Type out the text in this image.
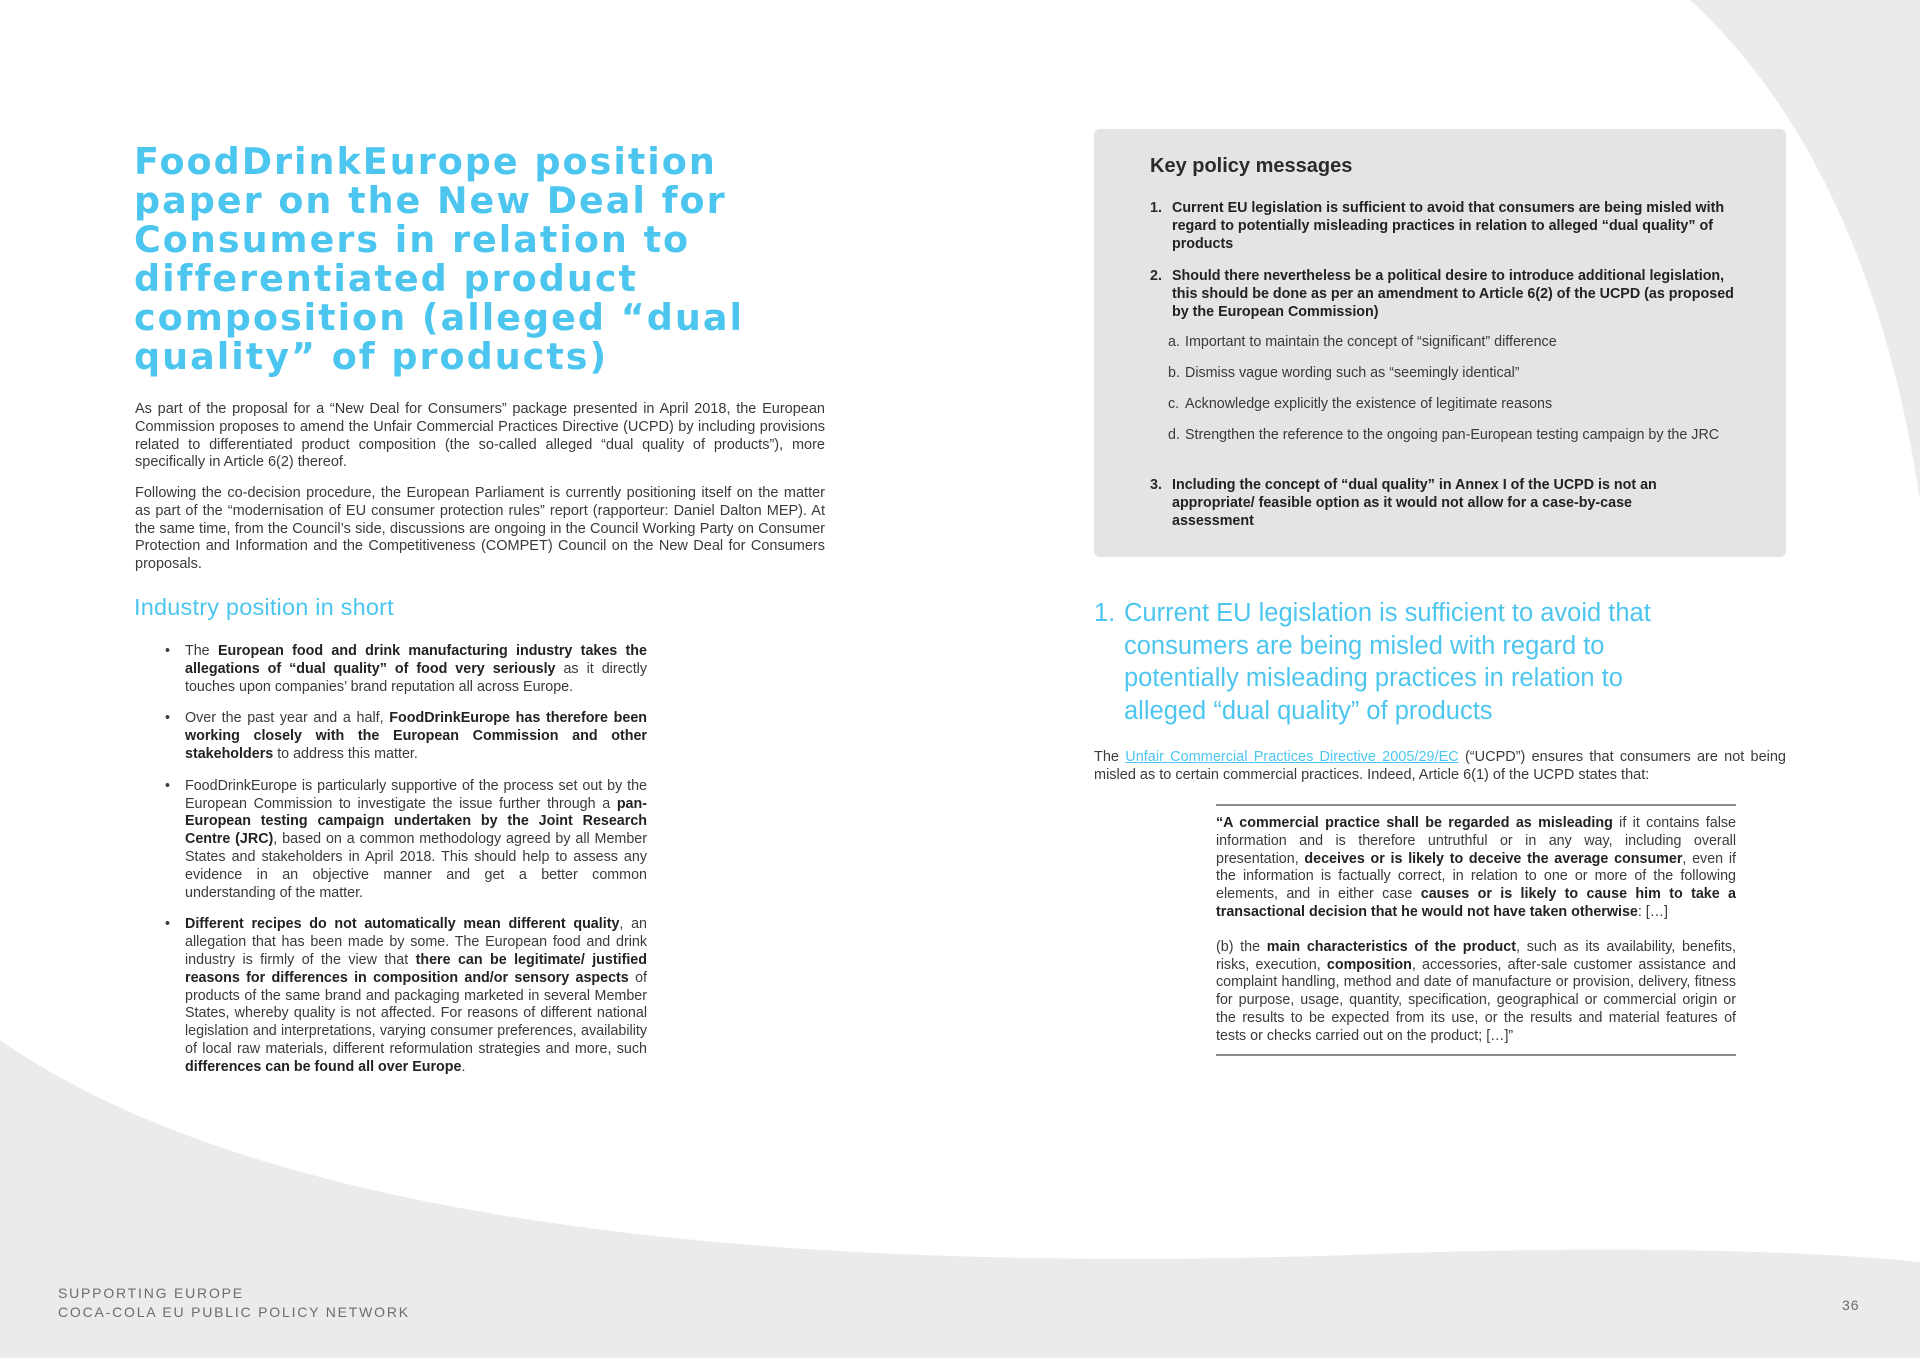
FoodDrinkEurope position paper on the New Deal for Consumers in relation to differentiated product composition (alleged “dual quality” of products)

As part of the proposal for a “New Deal for Consumers” package presented in April 2018, the European Commission proposes to amend the Unfair Commercial Practices Directive (UCPD) by including provisions related to differentiated product composition (the so-called alleged “dual quality of products”), more specifically in Article 6(2) thereof.

Following the co-decision procedure, the European Parliament is currently positioning itself on the matter as part of the “modernisation of EU consumer protection rules” report (rapporteur: Daniel Dalton MEP). At the same time, from the Council’s side, discussions are ongoing in the Council Working Party on Consumer Protection and Information and the Competitiveness (COMPET) Council on the New Deal for Consumers proposals.

Industry position in short
• The European food and drink manufacturing industry takes the allegations of “dual quality” of food very seriously as it directly touches upon companies’ brand reputation all across Europe.
• Over the past year and a half, FoodDrinkEurope has therefore been working closely with the European Commission and other stakeholders to address this matter.
• FoodDrinkEurope is particularly supportive of the process set out by the European Commission to investigate the issue further through a pan-European testing campaign undertaken by the Joint Research Centre (JRC), based on a common methodology agreed by all Member States and stakeholders in April 2018. This should help to assess any evidence in an objective manner and get a better common understanding of the matter.
• Different recipes do not automatically mean different quality, an allegation that has been made by some. The European food and drink industry is firmly of the view that there can be legitimate/ justified reasons for differences in composition and/or sensory aspects of products of the same brand and packaging marketed in several Member States, whereby quality is not affected. For reasons of different national legislation and interpretations, varying consumer preferences, availability of local raw materials, different reformulation strategies and more, such differences can be found all over Europe.
Key policy messages
1. Current EU legislation is sufficient to avoid that consumers are being misled with regard to potentially misleading practices in relation to alleged “dual quality” of products
2. Should there nevertheless be a political desire to introduce additional legislation, this should be done as per an amendment to Article 6(2) of the UCPD (as proposed by the European Commission)
a. Important to maintain the concept of “significant” difference
b. Dismiss vague wording such as “seemingly identical”
c. Acknowledge explicitly the existence of legitimate reasons
d. Strengthen the reference to the ongoing pan-European testing campaign by the JRC
3. Including the concept of “dual quality” in Annex I of the UCPD is not an appropriate/ feasible option as it would not allow for a case-by-case assessment
1. Current EU legislation is sufficient to avoid that consumers are being misled with regard to potentially misleading practices in relation to alleged “dual quality” of products

The Unfair Commercial Practices Directive 2005/29/EC (“UCPD”) ensures that consumers are not being misled as to certain commercial practices. Indeed, Article 6(1) of the UCPD states that:

“A commercial practice shall be regarded as misleading if it contains false information and is therefore untruthful or in any way, including overall presentation, deceives or is likely to deceive the average consumer, even if the information is factually correct, in relation to one or more of the following elements, and in either case causes or is likely to cause him to take a transactional decision that he would not have taken otherwise: […]

(b) the main characteristics of the product, such as its availability, benefits, risks, execution, composition, accessories, after-sale customer assistance and complaint handling, method and date of manufacture or provision, delivery, fitness for purpose, usage, quantity, specification, geographical or commercial origin or the results to be expected from its use, or the results and material features of tests or checks carried out on the product; […]”

SUPPORTING EUROPE
COCA-COLA EU PUBLIC POLICY NETWORK	36
